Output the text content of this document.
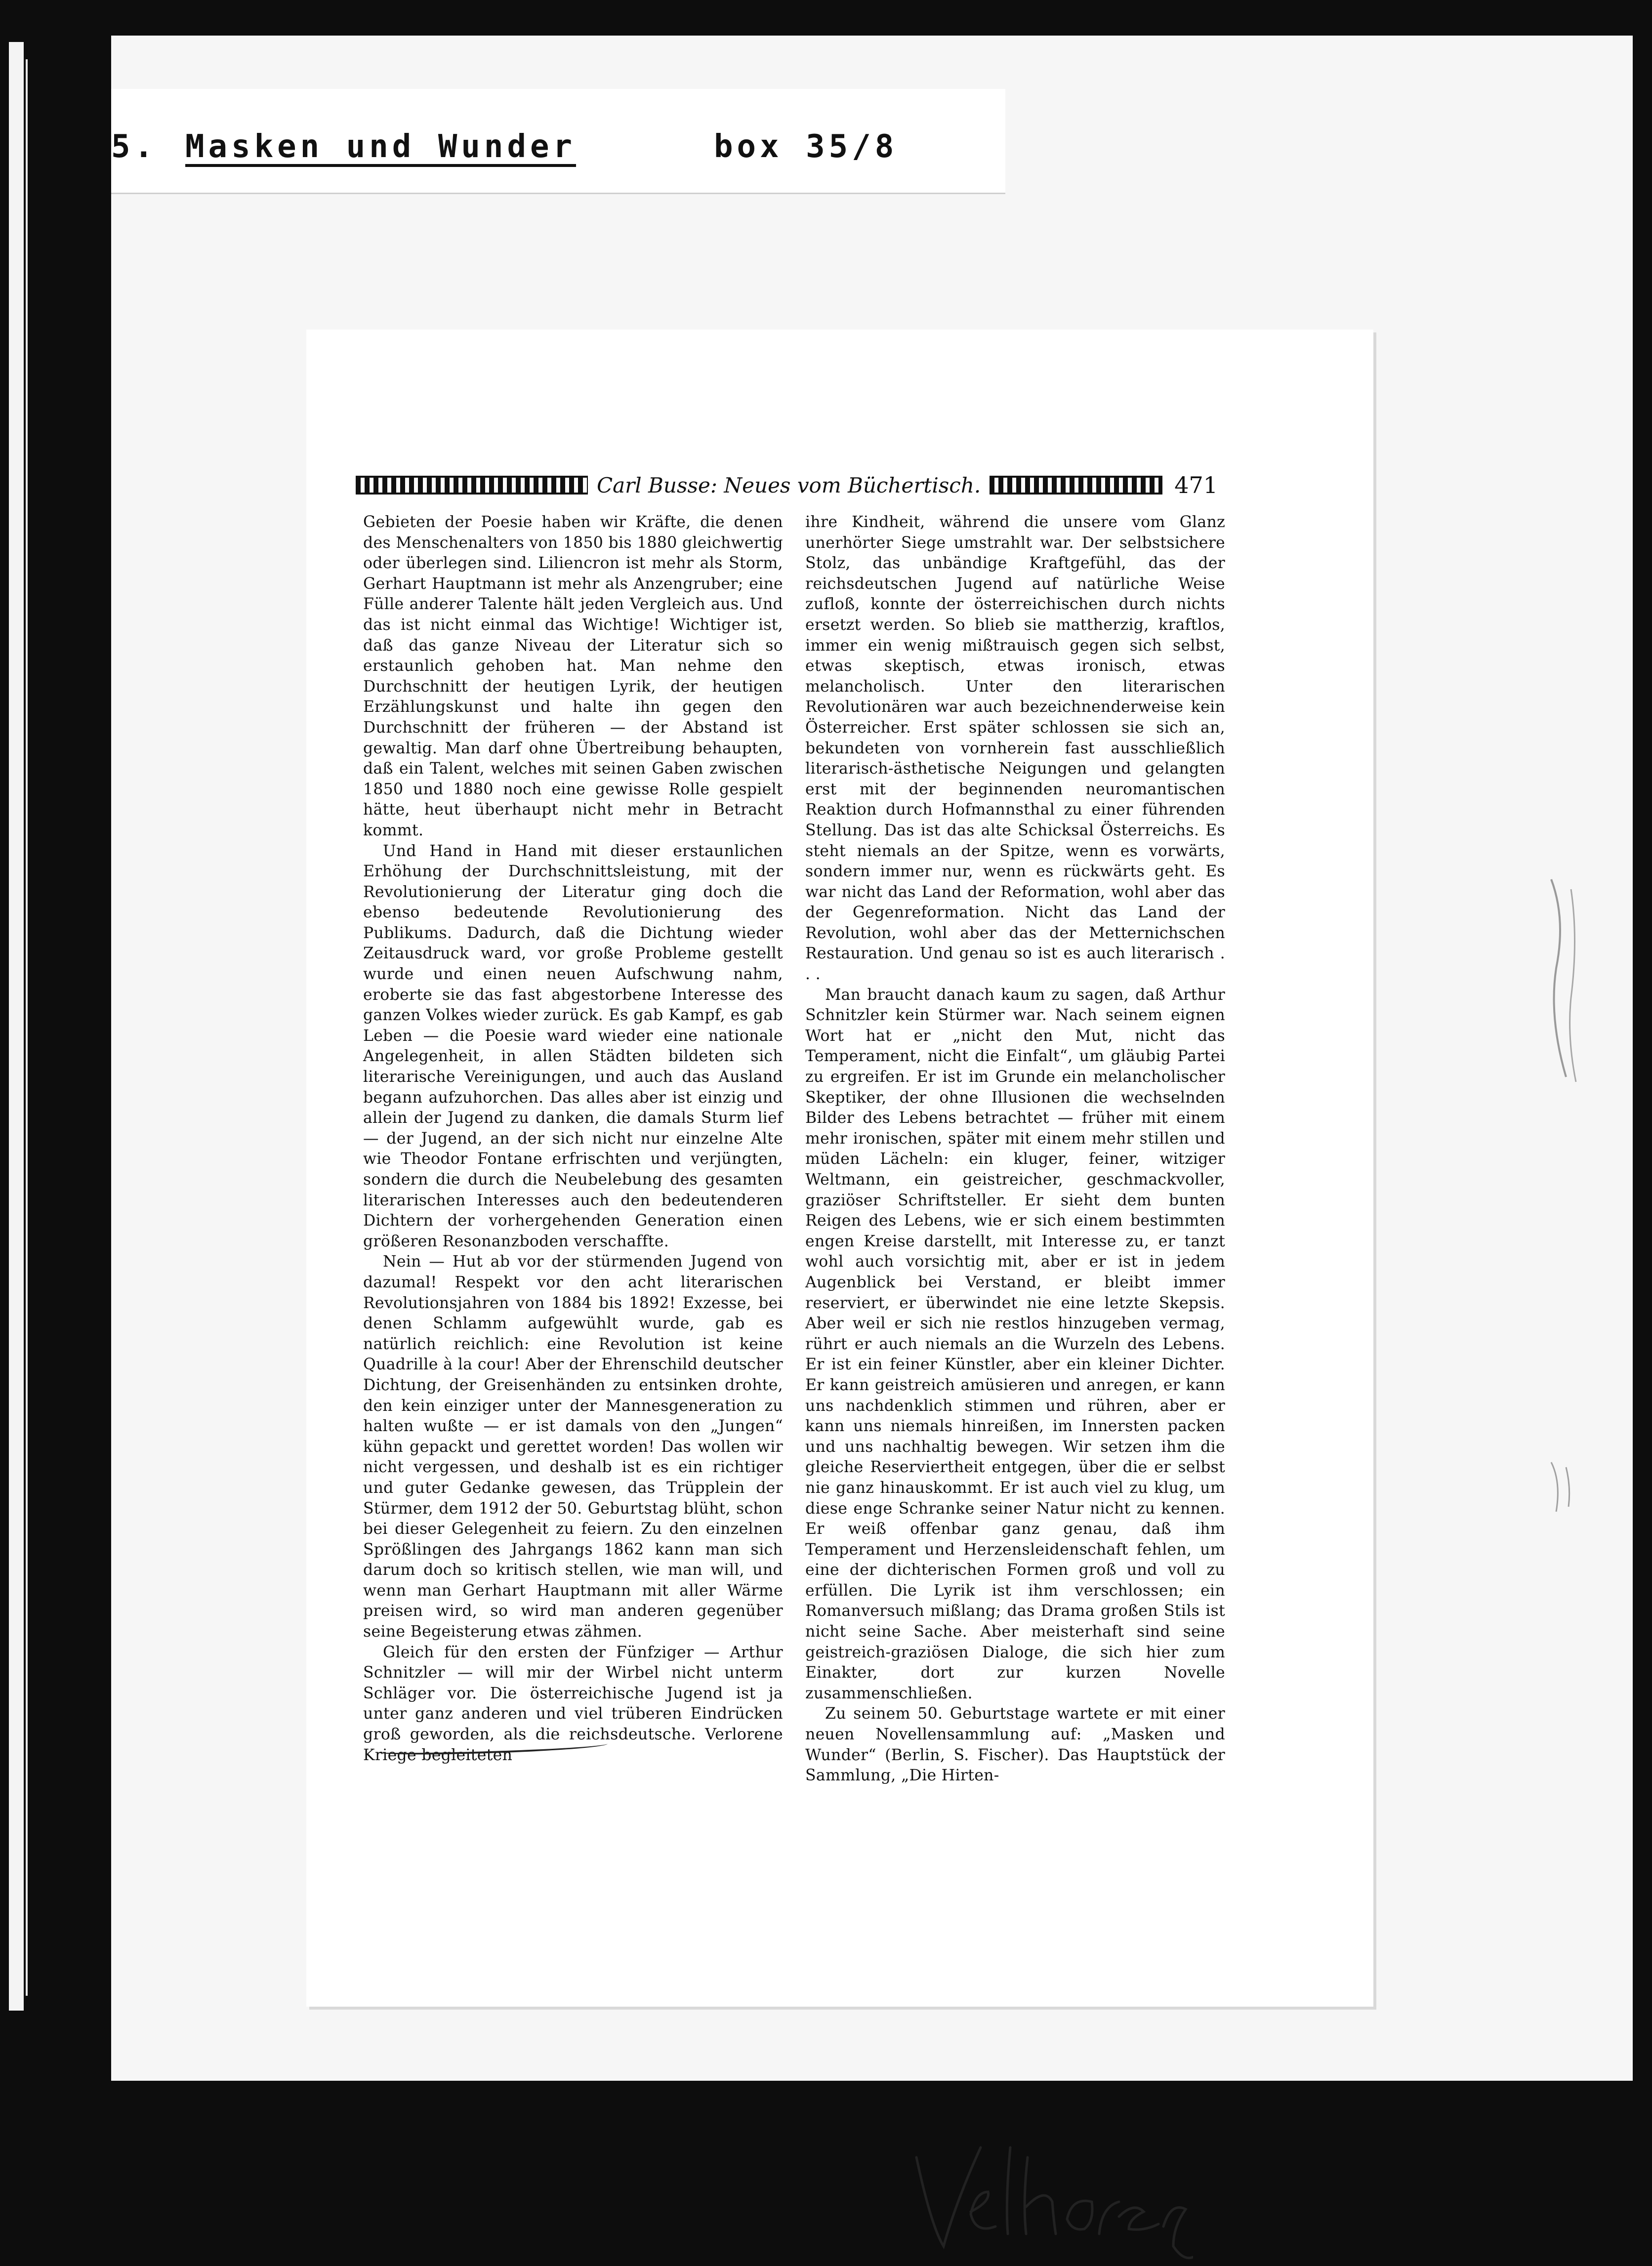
5. Masken und Wunder	box 35/8
Carl Busse: Neues vom Büchertisch.	471

Gebieten der Poesie haben wir Kräfte, die denen des Menschenalters von 1850 bis 1880 gleichwertig oder überlegen sind. Liliencron ist mehr als Storm, Gerhart Hauptmann ist mehr als Anzengruber; eine Fülle anderer Talente hält jeden Vergleich aus. Und das ist nicht einmal das Wichtige! Wichtiger ist, daß das ganze Niveau der Literatur sich so erstaunlich gehoben hat. Man nehme den Durchschnitt der heutigen Lyrik, der heutigen Erzählungskunst und halte ihn gegen den Durchschnitt der früheren — der Abstand ist gewaltig. Man darf ohne Übertreibung behaupten, daß ein Talent, welches mit seinen Gaben zwischen 1850 und 1880 noch eine gewisse Rolle gespielt hätte, heut überhaupt nicht mehr in Betracht kommt.

Und Hand in Hand mit dieser erstaunlichen Erhöhung der Durchschnittsleistung, mit der Revolutionierung der Literatur ging doch die ebenso bedeutende Revolutionierung des Publikums. Dadurch, daß die Dichtung wieder Zeitausdruck ward, vor große Probleme gestellt wurde und einen neuen Aufschwung nahm, eroberte sie das fast abgestorbene Interesse des ganzen Volkes wieder zurück. Es gab Kampf, es gab Leben — die Poesie ward wieder eine nationale Angelegenheit, in allen Städten bildeten sich literarische Vereinigungen, und auch das Ausland begann aufzuhorchen. Das alles aber ist einzig und allein der Jugend zu danken, die damals Sturm lief — der Jugend, an der sich nicht nur einzelne Alte wie Theodor Fontane erfrischten und verjüngten, sondern die durch die Neubelebung des gesamten literarischen Interesses auch den bedeutenderen Dichtern der vorhergehenden Generation einen größeren Resonanzboden verschaffte.

Nein — Hut ab vor der stürmenden Jugend von dazumal! Respekt vor den acht literarischen Revolutionsjahren von 1884 bis 1892! Exzesse, bei denen Schlamm aufgewühlt wurde, gab es natürlich reichlich: eine Revolution ist keine Quadrille à la cour! Aber der Ehrenschild deutscher Dichtung, der Greisenhänden zu entsinken drohte, den kein einziger unter der Mannesgeneration zu halten wußte — er ist damals von den „Jungen“ kühn gepackt und gerettet worden! Das wollen wir nicht vergessen, und deshalb ist es ein richtiger und guter Gedanke gewesen, das Trüpplein der Stürmer, dem 1912 der 50. Geburtstag blüht, schon bei dieser Gelegenheit zu feiern. Zu den einzelnen Sprößlingen des Jahrgangs 1862 kann man sich darum doch so kritisch stellen, wie man will, und wenn man Gerhart Hauptmann mit aller Wärme preisen wird, so wird man anderen gegenüber seine Begeisterung etwas zähmen.

Gleich für den ersten der Fünfziger — Arthur Schnitzler — will mir der Wirbel nicht unterm Schläger vor. Die österreichische Jugend ist ja unter ganz anderen und viel trüberen Eindrücken groß geworden, als die reichsdeutsche. Verlorene Kriege begleiteten

ihre Kindheit, während die unsere vom Glanz unerhörter Siege umstrahlt war. Der selbstsichere Stolz, das unbändige Kraftgefühl, das der reichsdeutschen Jugend auf natürliche Weise zufloß, konnte der österreichischen durch nichts ersetzt werden. So blieb sie mattherzig, kraftlos, immer ein wenig mißtrauisch gegen sich selbst, etwas skeptisch, etwas ironisch, etwas melancholisch. Unter den literarischen Revolutionären war auch bezeichnenderweise kein Österreicher. Erst später schlossen sie sich an, bekundeten von vornherein fast ausschließlich literarisch-ästhetische Neigungen und gelangten erst mit der beginnenden neuromantischen Reaktion durch Hofmannsthal zu einer führenden Stellung. Das ist das alte Schicksal Österreichs. Es steht niemals an der Spitze, wenn es vorwärts, sondern immer nur, wenn es rückwärts geht. Es war nicht das Land der Reformation, wohl aber das der Gegenreformation. Nicht das Land der Revolution, wohl aber das der Metternichschen Restauration. Und genau so ist es auch literarisch . . .

Man braucht danach kaum zu sagen, daß Arthur Schnitzler kein Stürmer war. Nach seinem eignen Wort hat er „nicht den Mut, nicht das Temperament, nicht die Einfalt“, um gläubig Partei zu ergreifen. Er ist im Grunde ein melancholischer Skeptiker, der ohne Illusionen die wechselnden Bilder des Lebens betrachtet — früher mit einem mehr ironischen, später mit einem mehr stillen und müden Lächeln: ein kluger, feiner, witziger Weltmann, ein geistreicher, geschmackvoller, graziöser Schriftsteller. Er sieht dem bunten Reigen des Lebens, wie er sich einem bestimmten engen Kreise darstellt, mit Interesse zu, er tanzt wohl auch vorsichtig mit, aber er ist in jedem Augenblick bei Verstand, er bleibt immer reserviert, er überwindet nie eine letzte Skepsis. Aber weil er sich nie restlos hinzugeben vermag, rührt er auch niemals an die Wurzeln des Lebens. Er ist ein feiner Künstler, aber ein kleiner Dichter. Er kann geistreich amüsieren und anregen, er kann uns nachdenklich stimmen und rühren, aber er kann uns niemals hinreißen, im Innersten packen und uns nachhaltig bewegen. Wir setzen ihm die gleiche Reserviertheit entgegen, über die er selbst nie ganz hinauskommt. Er ist auch viel zu klug, um diese enge Schranke seiner Natur nicht zu kennen. Er weiß offenbar ganz genau, daß ihm Temperament und Herzensleidenschaft fehlen, um eine der dichterischen Formen groß und voll zu erfüllen. Die Lyrik ist ihm verschlossen; ein Romanversuch mißlang; das Drama großen Stils ist nicht seine Sache. Aber meisterhaft sind seine geistreich-graziösen Dialoge, die sich hier zum Einakter, dort zur kurzen Novelle zusammenschließen.

Zu seinem 50. Geburtstage wartete er mit einer neuen Novellensammlung auf: „Masken und Wunder“ (Berlin, S. Fischer). Das Hauptstück der Sammlung, „Die Hirten-
